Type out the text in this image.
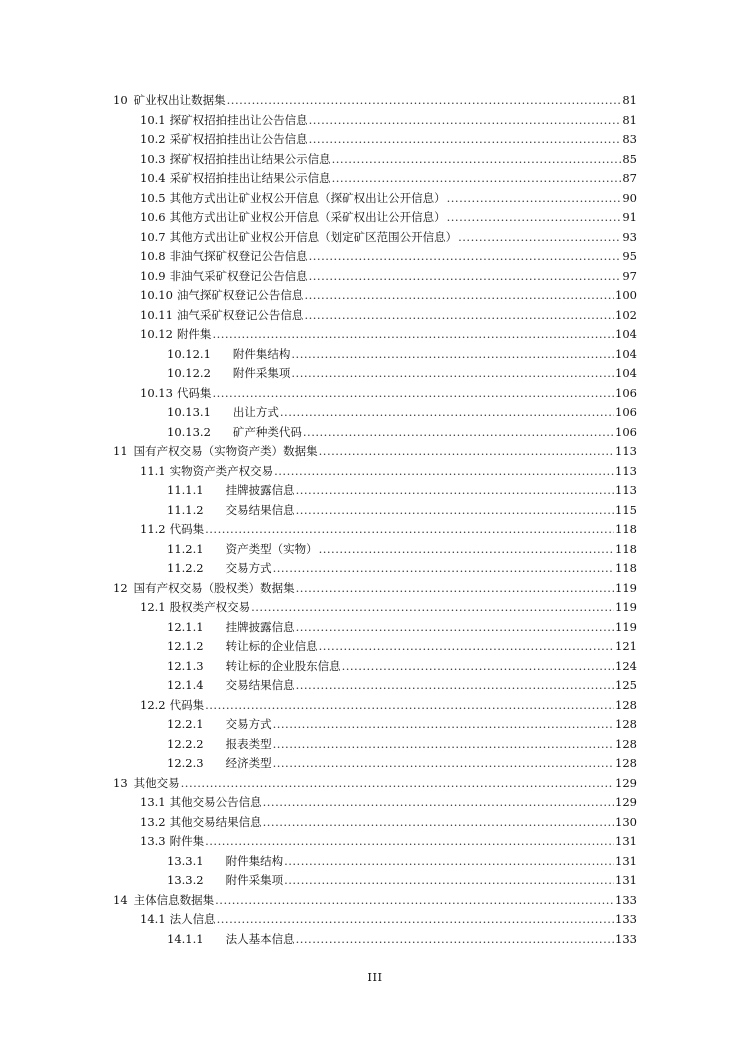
10 矿业权出让数据集 .....	81
10.1 探矿权招拍挂出让公告信息 .....	81
10.2 采矿权招拍挂出让公告信息 .....	83
10.3 探矿权招拍挂出让结果公示信息 .....	85
10.4 采矿权招拍挂出让结果公示信息 .....	87
10.5 其他方式出让矿业权公开信息（探矿权出让公开信息） .....	90
10.6 其他方式出让矿业权公开信息（采矿权出让公开信息） .....	91
10.7 其他方式出让矿业权公开信息（划定矿区范围公开信息） .....	93
10.8 非油气探矿权登记公告信息 .....	95
10.9 非油气采矿权登记公告信息 .....	97
10.10 油气探矿权登记公告信息 .....	100
10.11 油气采矿权登记公告信息 .....	102
10.12 附件集 .....	104
10.12.1 附件集结构 .....	104
10.12.2 附件采集项 .....	104
10.13 代码集 .....	106
10.13.1 出让方式 .....	106
10.13.2 矿产种类代码 .....	106
11 国有产权交易（实物资产类）数据集 .....	113
11.1 实物资产类产权交易 .....	113
11.1.1 挂牌披露信息 .....	113
11.1.2 交易结果信息 .....	115
11.2 代码集 .....	118
11.2.1 资产类型（实物） .....	118
11.2.2 交易方式 .....	118
12 国有产权交易（股权类）数据集 .....	119
12.1 股权类产权交易 .....	119
12.1.1 挂牌披露信息 .....	119
12.1.2 转让标的企业信息 .....	121
12.1.3 转让标的企业股东信息 .....	124
12.1.4 交易结果信息 .....	125
12.2 代码集 .....	128
12.2.1 交易方式 .....	128
12.2.2 报表类型 .....	128
12.2.3 经济类型 .....	128
13 其他交易 .....	129
13.1 其他交易公告信息 .....	129
13.2 其他交易结果信息 .....	130
13.3 附件集 .....	131
13.3.1 附件集结构 .....	131
13.3.2 附件采集项 .....	131
14 主体信息数据集 .....	133
14.1 法人信息 .....	133
14.1.1 法人基本信息 .....	133
III
